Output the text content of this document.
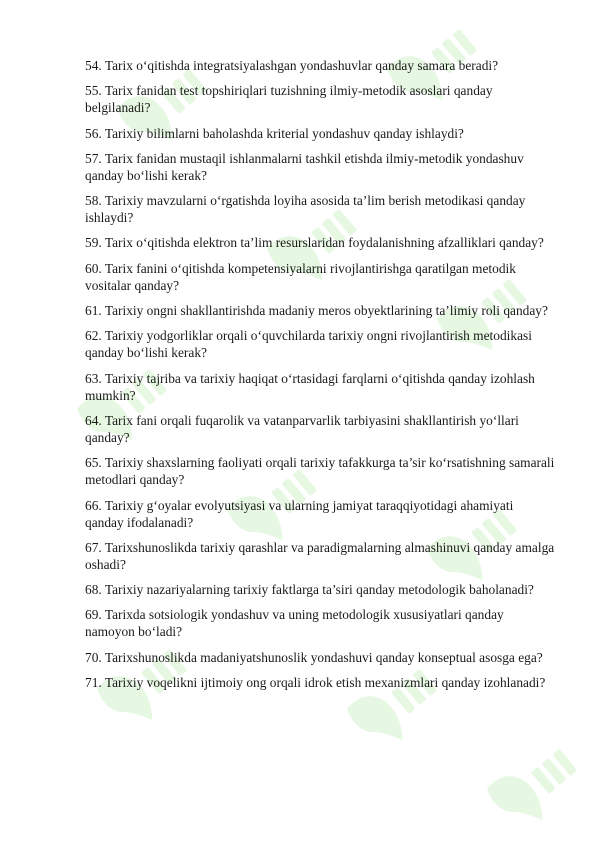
54. Tarix o‘qitishda integratsiyalashgan yondashuvlar qanday samara beradi?
55. Tarix fanidan test topshiriqlari tuzishning ilmiy-metodik asoslari qanday belgilanadi?
56. Tarixiy bilimlarni baholashda kriterial yondashuv qanday ishlaydi?
57. Tarix fanidan mustaqil ishlanmalarni tashkil etishda ilmiy-metodik yondashuv qanday bo‘lishi kerak?
58. Tarixiy mavzularni o‘rgatishda loyiha asosida ta’lim berish metodikasi qanday ishlaydi?
59. Tarix o‘qitishda elektron ta’lim resurslaridan foydalanishning afzalliklari qanday?
60. Tarix fanini o‘qitishda kompetensiyalarni rivojlantirishga qaratilgan metodik vositalar qanday?
61. Tarixiy ongni shakllantirishda madaniy meros obyektlarining ta’limiy roli qanday?
62. Tarixiy yodgorliklar orqali o‘quvchilarda tarixiy ongni rivojlantirish metodikasi qanday bo‘lishi kerak?
63. Tarixiy tajriba va tarixiy haqiqat o‘rtasidagi farqlarni o‘qitishda qanday izohlash mumkin?
64. Tarix fani orqali fuqarolik va vatanparvarlik tarbiyasini shakllantirish yo‘llari qanday?
65. Tarixiy shaxslarning faoliyati orqali tarixiy tafakkurga ta’sir ko‘rsatishning samarali metodlari qanday?
66. Tarixiy g‘oyalar evolyutsiyasi va ularning jamiyat taraqqiyotidagi ahamiyati qanday ifodalanadi?
67. Tarixshunoslikda tarixiy qarashlar va paradigmalarning almashinuvi qanday amalga oshadi?
68. Tarixiy nazariyalarning tarixiy faktlarga ta’siri qanday metodologik baholanadi?
69. Tarixda sotsiologik yondashuv va uning metodologik xususiyatlari qanday namoyon bo‘ladi?
70. Tarixshunoslikda madaniyatshunoslik yondashuvi qanday konseptual asosga ega?
71. Tarixiy voqelikni ijtimoiy ong orqali idrok etish mexanizmlari qanday izohlanadi?
